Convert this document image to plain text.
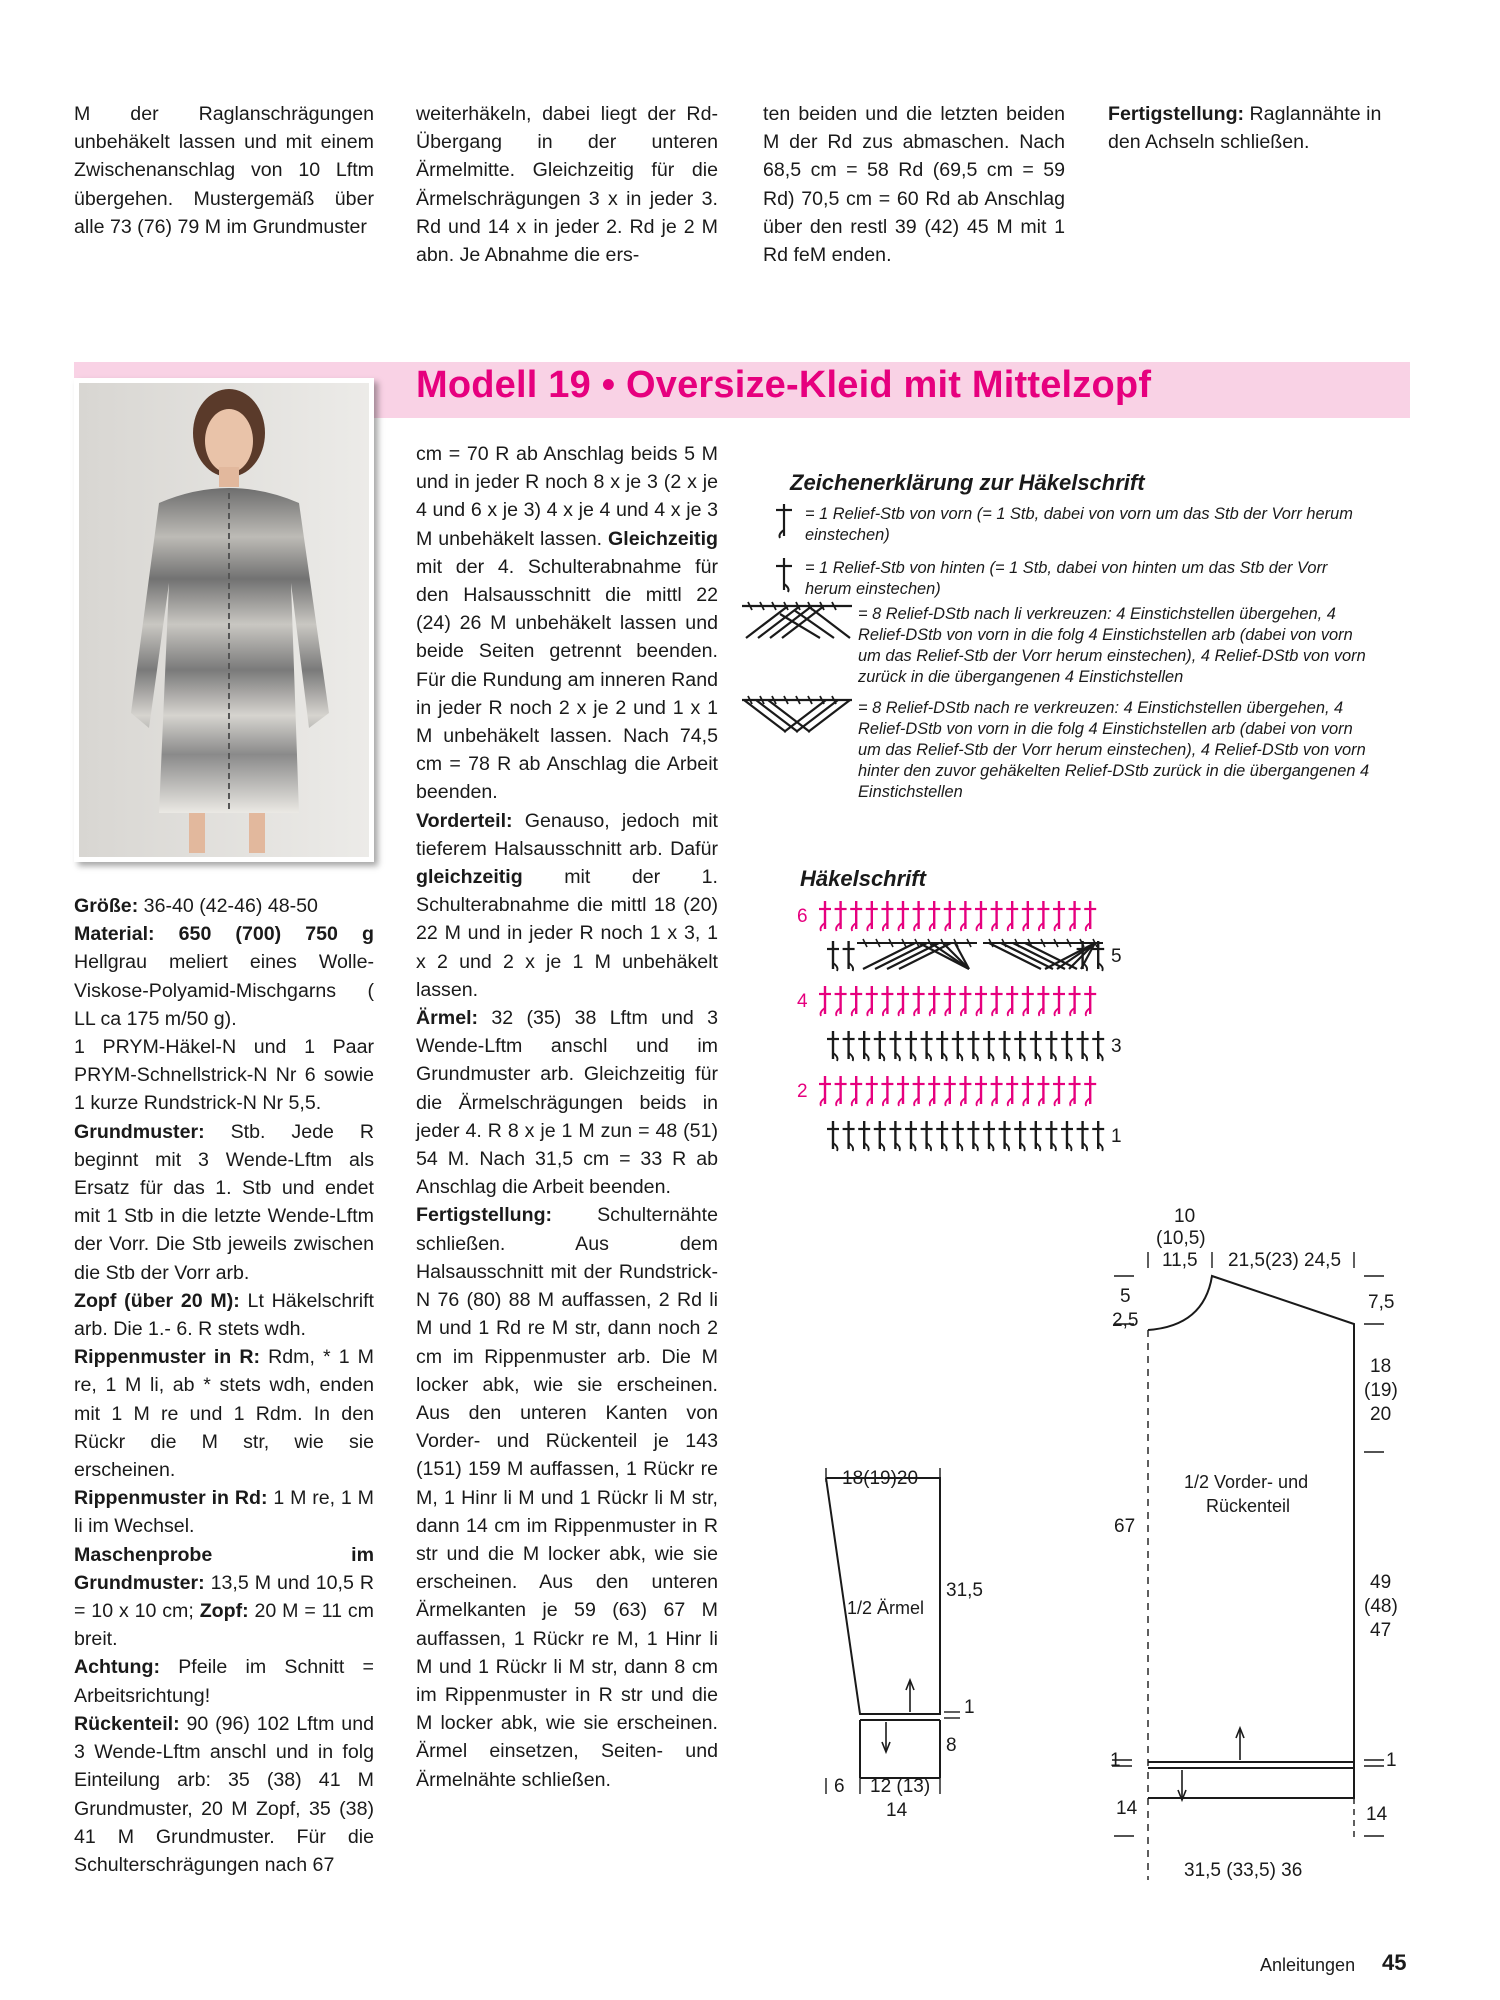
M der Raglanschrägungen unbehäkelt lassen und mit einem Zwischenanschlag von 10 Lftm übergehen. Mustergemäß über alle 73 (76) 79 M im Grundmuster

weiterhäkeln, dabei liegt der Rd-Übergang in der unteren Ärmelmitte. Gleichzeitig für die Ärmelschrägungen 3 x in jeder 3. Rd und 14 x in jeder 2. Rd je 2 M abn. Je Abnahme die ers-

ten beiden und die letzten beiden M der Rd zus abmaschen. Nach 68,5 cm = 58 Rd (69,5 cm = 59 Rd) 70,5 cm = 60 Rd ab Anschlag über den restl 39 (42) 45 M mit 1 Rd feM enden.

Fertigstellung: Raglannähte in den Achseln schließen.

Modell 19 • Oversize-Kleid mit Mittelzopf

Größe: 36-40 (42-46) 48-50

Material: 650 (700) 750 g Hellgrau meliert eines Wolle-Viskose-Polyamid-Mischgarns ( LL ca 175 m/50 g).

1 PRYM-Häkel-N und 1 Paar PRYM-Schnellstrick-N Nr 6 sowie 1 kurze Rundstrick-N Nr 5,5.

Grundmuster: Stb. Jede R beginnt mit 3 Wende-Lftm als Ersatz für das 1. Stb und endet mit 1 Stb in die letzte Wende-Lftm der Vorr. Die Stb jeweils zwischen die Stb der Vorr arb.

Zopf (über 20 M): Lt Häkelschrift arb. Die 1.- 6. R stets wdh.

Rippenmuster in R: Rdm, * 1 M re, 1 M li, ab * stets wdh, enden mit 1 M re und 1 Rdm. In den Rückr die M str, wie sie erscheinen.

Rippenmuster in Rd: 1 M re, 1 M li im Wechsel.

Maschenprobe im Grundmuster: 13,5 M und 10,5 R = 10 x 10 cm; Zopf: 20 M = 11 cm breit.

Achtung: Pfeile im Schnitt = Arbeitsrichtung!

Rückenteil: 90 (96) 102 Lftm und 3 Wende-Lftm anschl und in folg Einteilung arb: 35 (38) 41 M Grundmuster, 20 M Zopf, 35 (38) 41 M Grundmuster. Für die Schulterschrägungen nach 67

cm = 70 R ab Anschlag beids 5 M und in jeder R noch 8 x je 3 (2 x je 4 und 6 x je 3) 4 x je 4 und 4 x je 3 M unbehäkelt lassen. Gleichzeitig mit der 4. Schulterabnahme für den Halsausschnitt die mittl 22 (24) 26 M unbehäkelt lassen und beide Seiten getrennt beenden. Für die Rundung am inneren Rand in jeder R noch 2 x je 2 und 1 x 1 M unbehäkelt lassen. Nach 74,5 cm = 78 R ab Anschlag die Arbeit beenden.

Vorderteil: Genauso, jedoch mit tieferem Halsausschnitt arb. Dafür gleichzeitig mit der 1. Schulterabnahme die mittl 18 (20) 22 M und in jeder R noch 1 x 3, 1 x 2 und 2 x je 1 M unbehäkelt lassen.

Ärmel: 32 (35) 38 Lftm und 3 Wende-Lftm anschl und im Grundmuster arb. Gleichzeitig für die Ärmelschrägungen beids in jeder 4. R 8 x je 1 M zun = 48 (51) 54 M. Nach 31,5 cm = 33 R ab Anschlag die Arbeit beenden.

Fertigstellung: Schulternähte schließen. Aus dem Halsausschnitt mit der Rundstrick-N 76 (80) 88 M auffassen, 2 Rd li M und 1 Rd re M str, dann noch 2 cm im Rippenmuster arb. Die M locker abk, wie sie erscheinen. Aus den unteren Kanten von Vorder- und Rückenteil je 143 (151) 159 M auffassen, 1 Rückr re M, 1 Hinr li M und 1 Rückr li M str, dann 14 cm im Rippenmuster in R str und die M locker abk, wie sie erscheinen. Aus den unteren Ärmelkanten je 59 (63) 67 M auffassen, 1 Rückr re M, 1 Hinr li M und 1 Rückr li M str, dann 8 cm im Rippenmuster in R str und die M locker abk, wie sie erscheinen. Ärmel einsetzen, Seiten- und Ärmelnähte schließen.

Zeichenerklärung zur Häkelschrift
= 1 Relief-Stb von vorn (= 1 Stb, dabei von vorn um das Stb der Vorr herum einstechen)
= 1 Relief-Stb von hinten (= 1 Stb, dabei von hinten um das Stb der Vorr herum einstechen)
= 8 Relief-DStb nach li verkreuzen: 4 Einstichstellen übergehen, 4 Relief-DStb von vorn in die folg 4 Einstichstellen arb (dabei von vorn um das Relief-Stb der Vorr herum einstechen), 4 Relief-DStb von vorn zurück in die übergangenen 4 Einstichstellen
= 8 Relief-DStb nach re verkreuzen: 4 Einstichstellen übergehen, 4 Relief-DStb von vorn in die folg 4 Einstichstellen arb (dabei von vorn um das Relief-Stb der Vorr herum einstechen), 4 Relief-DStb von vorn hinter den zuvor gehäkelten Relief-DStb zurück in die übergangenen 4 Einstichstellen
Häkelschrift
6
4
2
3
1
5
18(19)20
1/2 Ärmel
31,5
1
8
6 12 (13)
14
10
(10,5)
11,5 21,5(23) 24,5
5
2,5
7,5
18
(19)
20
1/2 Vorder- und
Rückenteil
67
49
(48)
47
1	1
14	14
31,5 (33,5) 36
Anleitungen 45
